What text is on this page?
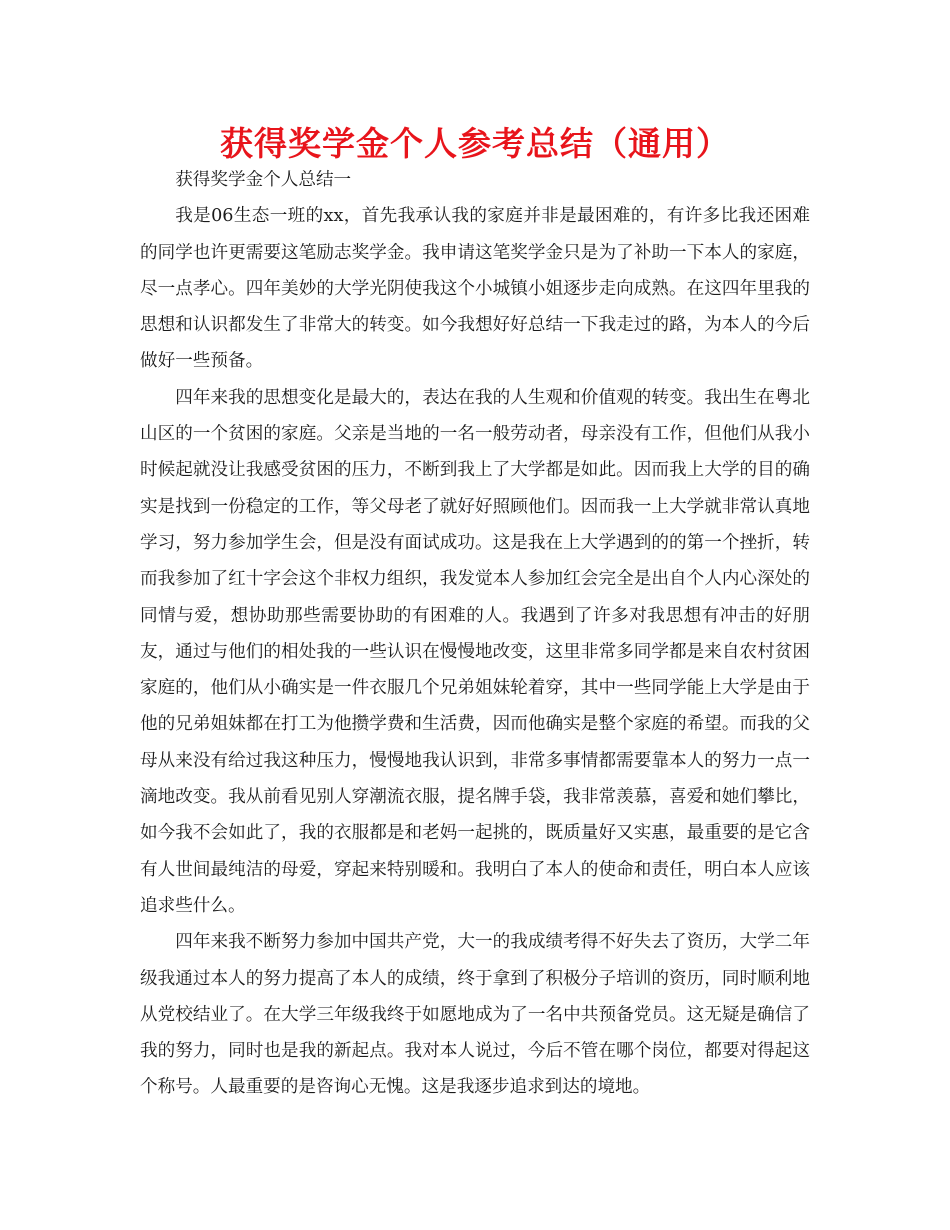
获得奖学金个人参考总结（通用）

获得奖学金个人总结一

我是06生态一班的xx，首先我承认我的家庭并非是最困难的，有许多比我还困难的同学也许更需要这笔励志奖学金。我申请这笔奖学金只是为了补助一下本人的家庭，尽一点孝心。四年美妙的大学光阴使我这个小城镇小姐逐步走向成熟。在这四年里我的思想和认识都发生了非常大的转变。如今我想好好总结一下我走过的路，为本人的今后做好一些预备。

四年来我的思想变化是最大的，表达在我的人生观和价值观的转变。我出生在粤北山区的一个贫困的家庭。父亲是当地的一名一般劳动者，母亲没有工作，但他们从我小时候起就没让我感受贫困的压力，不断到我上了大学都是如此。因而我上大学的目的确实是找到一份稳定的工作，等父母老了就好好照顾他们。因而我一上大学就非常认真地学习，努力参加学生会，但是没有面试成功。这是我在上大学遇到的的第一个挫折，转而我参加了红十字会这个非权力组织，我发觉本人参加红会完全是出自个人内心深处的同情与爱，想协助那些需要协助的有困难的人。我遇到了许多对我思想有冲击的好朋友，通过与他们的相处我的一些认识在慢慢地改变，这里非常多同学都是来自农村贫困家庭的，他们从小确实是一件衣服几个兄弟姐妹轮着穿，其中一些同学能上大学是由于他的兄弟姐妹都在打工为他攒学费和生活费，因而他确实是整个家庭的希望。而我的父母从来没有给过我这种压力，慢慢地我认识到，非常多事情都需要靠本人的努力一点一滴地改变。我从前看见别人穿潮流衣服，提名牌手袋，我非常羡慕，喜爱和她们攀比，如今我不会如此了，我的衣服都是和老妈一起挑的，既质量好又实惠，最重要的是它含有人世间最纯洁的母爱，穿起来特别暖和。我明白了本人的使命和责任，明白本人应该追求些什么。

四年来我不断努力参加中国共产党，大一的我成绩考得不好失去了资历，大学二年级我通过本人的努力提高了本人的成绩，终于拿到了积极分子培训的资历，同时顺利地从党校结业了。在大学三年级我终于如愿地成为了一名中共预备党员。这无疑是确信了我的努力，同时也是我的新起点。我对本人说过，今后不管在哪个岗位，都要对得起这个称号。人最重要的是咨询心无愧。这是我逐步追求到达的境地。
